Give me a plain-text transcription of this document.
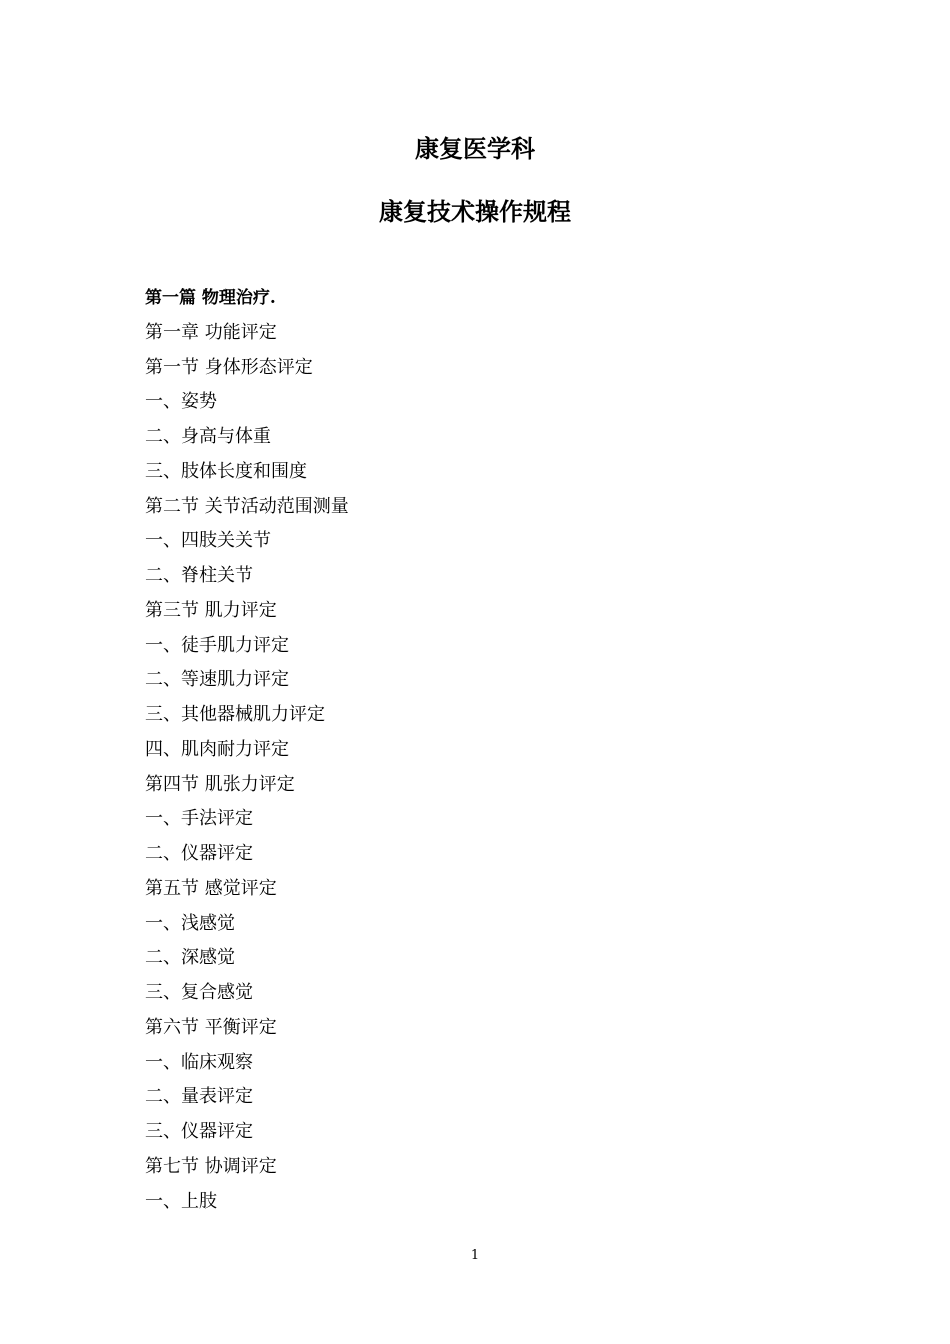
康复医学科
康复技术操作规程
第一篇 物理治疗.
第一章 功能评定
第一节 身体形态评定
一、姿势
二、身高与体重
三、肢体长度和围度
第二节 关节活动范围测量
一、四肢关关节
二、脊柱关节
第三节 肌力评定
一、徒手肌力评定
二、等速肌力评定
三、其他器械肌力评定
四、肌肉耐力评定
第四节 肌张力评定
一、手法评定
二、仪器评定
第五节 感觉评定
一、浅感觉
二、深感觉
三、复合感觉
第六节 平衡评定
一、临床观察
二、量表评定
三、仪器评定
第七节 协调评定
一、上肢
1
